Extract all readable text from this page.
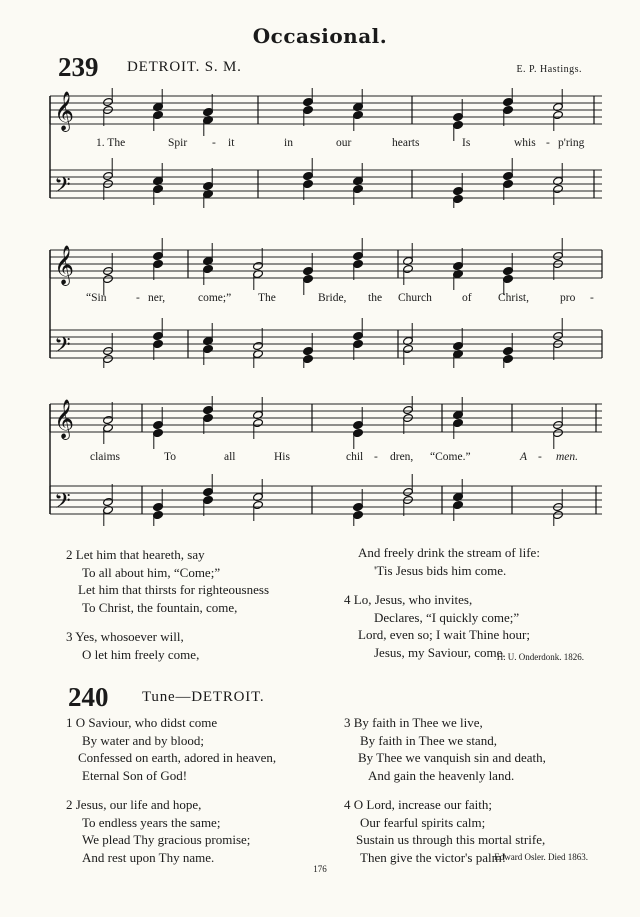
Occasional.
239 DETROIT. S. M.	E. P. Hastings.
𝄞
𝄢
1. The	Spir - it	in	our	hearts	Is	whis - p'ring
𝄞
𝄢
“Sin	- ner,	come;” The	Bride, the Church	of Christ,	pro -
𝄞
𝄢
claims	To	all	His	chil - dren, “Come.”	A - men.
2 Let him that heareth, say
To all about him, “Come;”
Let him that thirsts for righteousness
To Christ, the fountain, come,
3 Yes, whosoever will,
O let him freely come,
And freely drink the stream of life:
'Tis Jesus bids him come.
4 Lo, Jesus, who invites,
Declares, “I quickly come;”
Lord, even so; I wait Thine hour;
Jesus, my Saviour, come.
H. U. Onderdonk. 1826.
240 Tune—DETROIT.
1 O Saviour, who didst come
By water and by blood;
Confessed on earth, adored in heaven,
Eternal Son of God!
2 Jesus, our life and hope,
To endless years the same;
We plead Thy gracious promise;
And rest upon Thy name.
3 By faith in Thee we live,
By faith in Thee we stand,
By Thee we vanquish sin and death,
And gain the heavenly land.
4 O Lord, increase our faith;
Our fearful spirits calm;
Sustain us through this mortal strife,
Then give the victor's palm!
Edward Osler. Died 1863.
176
